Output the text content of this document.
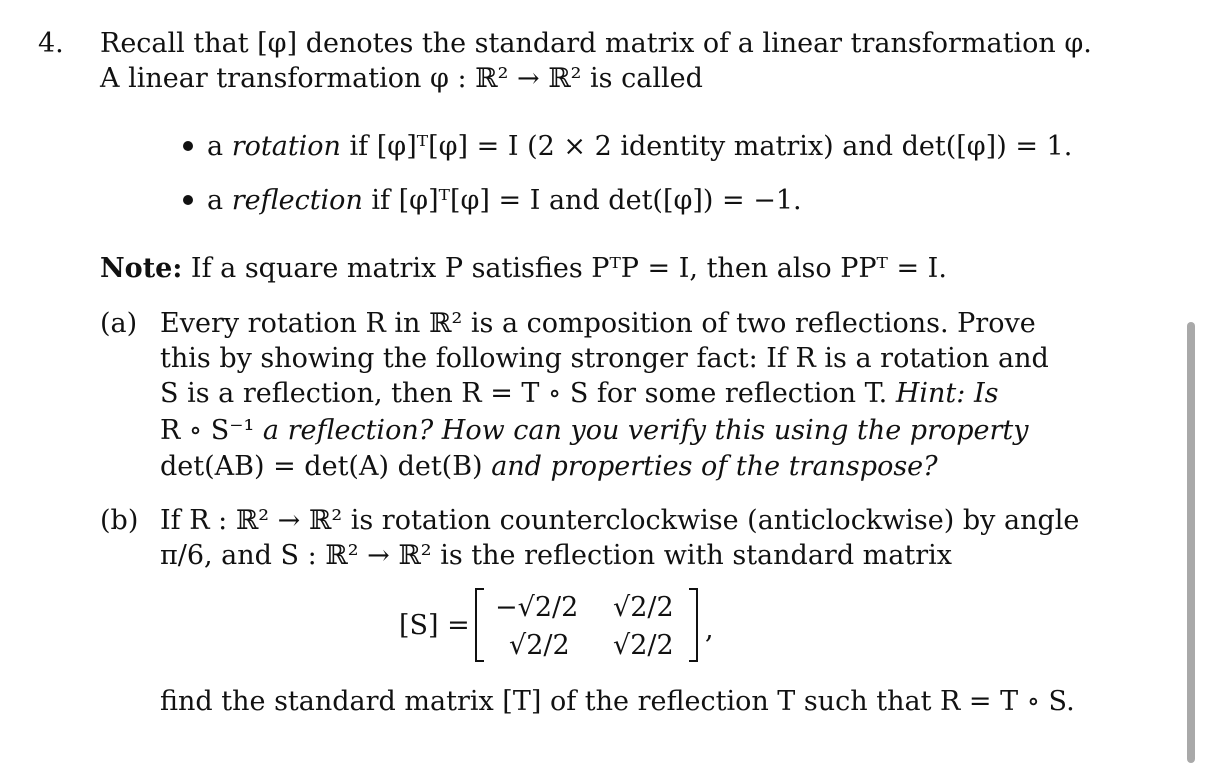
4. Recall that [φ] denotes the standard matrix of a linear transformation φ.
A linear transformation φ : ℝ² → ℝ² is called
a rotation if [φ]ᵀ[φ] = I (2 × 2 identity matrix) and det([φ]) = 1.
a reflection if [φ]ᵀ[φ] = I and det([φ]) = −1.
Note: If a square matrix P satisfies PᵀP = I, then also PPᵀ = I.
(a) Every rotation R in ℝ² is a composition of two reflections. Prove
this by showing the following stronger fact: If R is a rotation and
S is a reflection, then R = T ∘ S for some reflection T. Hint: Is
R ∘ S⁻¹ a reflection? How can you verify this using the property
det(AB) = det(A) det(B) and properties of the transpose?
(b) If R : ℝ² → ℝ² is rotation counterclockwise (anticlockwise) by angle
π/6, and S : ℝ² → ℝ² is the reflection with standard matrix
[S] =
−√2/2 √2/2
√2/2 √2/2
,
find the standard matrix [T] of the reflection T such that R = T ∘ S.
